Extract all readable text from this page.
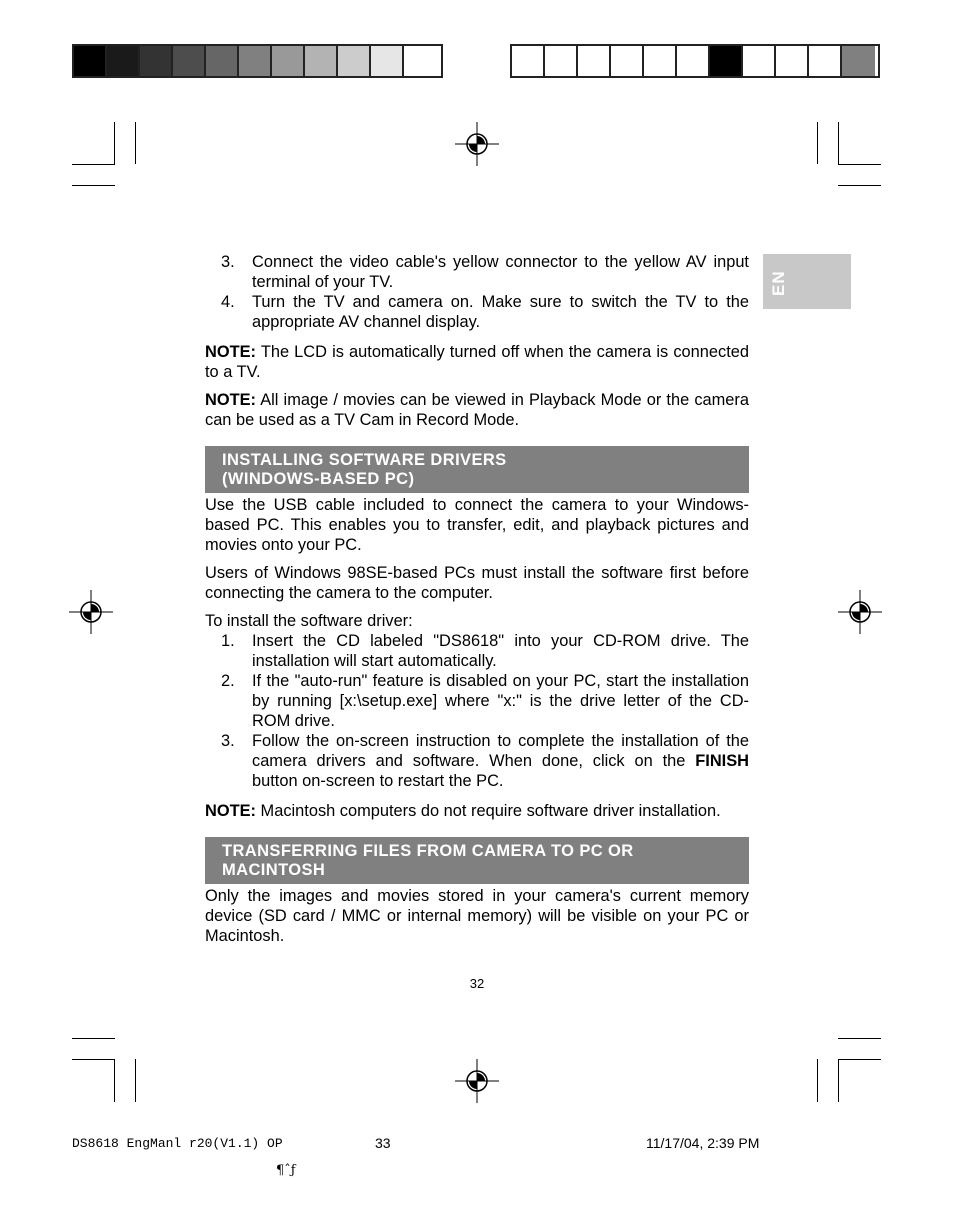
EN
3. Connect the video cable's yellow connector to the yellow AV input terminal of your TV.
4. Turn the TV and camera on. Make sure to switch the TV to the appropriate AV channel display.

NOTE: The LCD is automatically turned off when the camera is connected to a TV.

NOTE: All image / movies can be viewed in Playback Mode or the camera can be used as a TV Cam in Record Mode.

INSTALLING SOFTWARE DRIVERS
(WINDOWS-BASED PC)

Use the USB cable included to connect the camera to your Windows-based PC. This enables you to transfer, edit, and playback pictures and movies onto your PC.

Users of Windows 98SE-based PCs must install the software first before connecting the camera to the computer.

To install the software driver:

1. Insert the CD labeled "DS8618" into your CD-ROM drive. The installation will start automatically.
2. If the "auto-run" feature is disabled on your PC, start the installation by running [x:\setup.exe] where "x:" is the drive letter of the CD-ROM drive.
3. Follow the on-screen instruction to complete the installation of the camera drivers and software. When done, click on the FINISH button on-screen to restart the PC.

NOTE: Macintosh computers do not require software driver installation.

TRANSFERRING FILES FROM CAMERA TO PC OR
MACINTOSH

Only the images and movies stored in your camera's current memory device (SD card / MMC or internal memory) will be visible on your PC or Macintosh.

32
DS8618 EngManl r20(V1.1) OP	33	11/17/04, 2:39 PM
¶ˆƒ
